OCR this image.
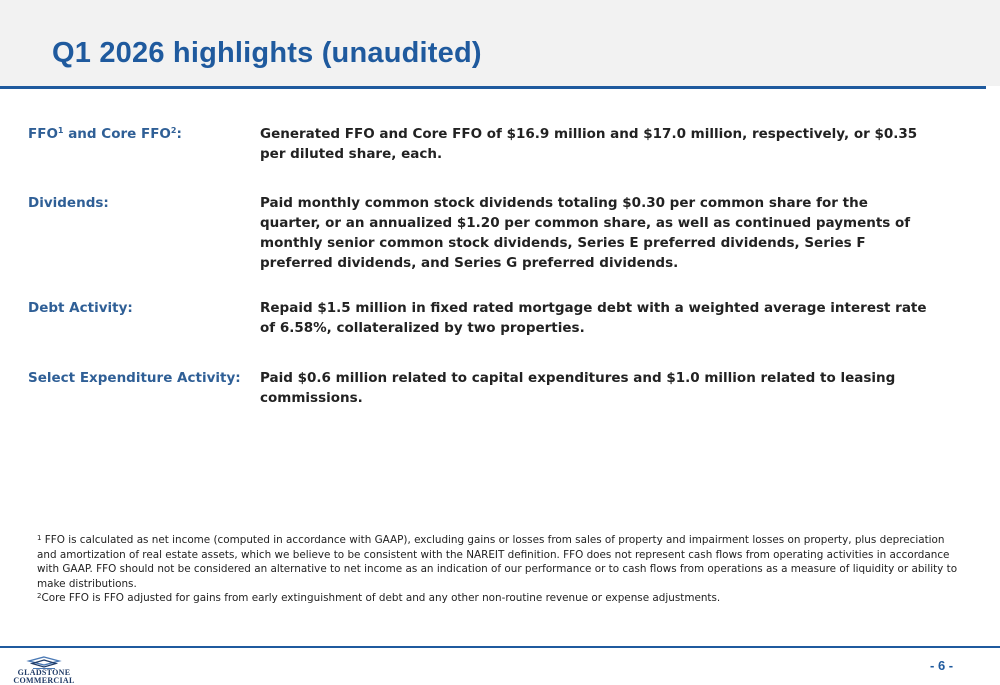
Q1 2026 highlights (unaudited)
FFO$^1$ and Core FFO$^2$:	Generated FFO and Core FFO of $16.9 million and $17.0 million, respectively, or $0.35 per diluted share, each.
Dividends:	Paid monthly common stock dividends totaling $0.30 per common share for the quarter, or an annualized $1.20 per common share, as well as continued payments of monthly senior common stock dividends, Series E preferred dividends, Series F preferred dividends, and Series G preferred dividends.
Debt Activity:	Repaid $1.5 million in fixed rated mortgage debt with a weighted average interest rate of 6.58%, collateralized by two properties.
Select Expenditure Activity:	Paid $0.6 million related to capital expenditures and $1.0 million related to leasing commissions.

$^1$ FFO is calculated as net income (computed in accordance with GAAP), excluding gains or losses from sales of property and impairment losses on property, plus depreciation and amortization of real estate assets, which we believe to be consistent with the NAREIT definition. FFO does not represent cash flows from operating activities in accordance with GAAP. FFO should not be considered an alternative to net income as an indication of our performance or to cash flows from operations as a measure of liquidity or ability to make distributions.

$^2$Core FFO is FFO adjusted for gains from early extinguishment of debt and any other non-routine revenue or expense adjustments.

GLADSTONE
COMMERCIAL
- 6 -
